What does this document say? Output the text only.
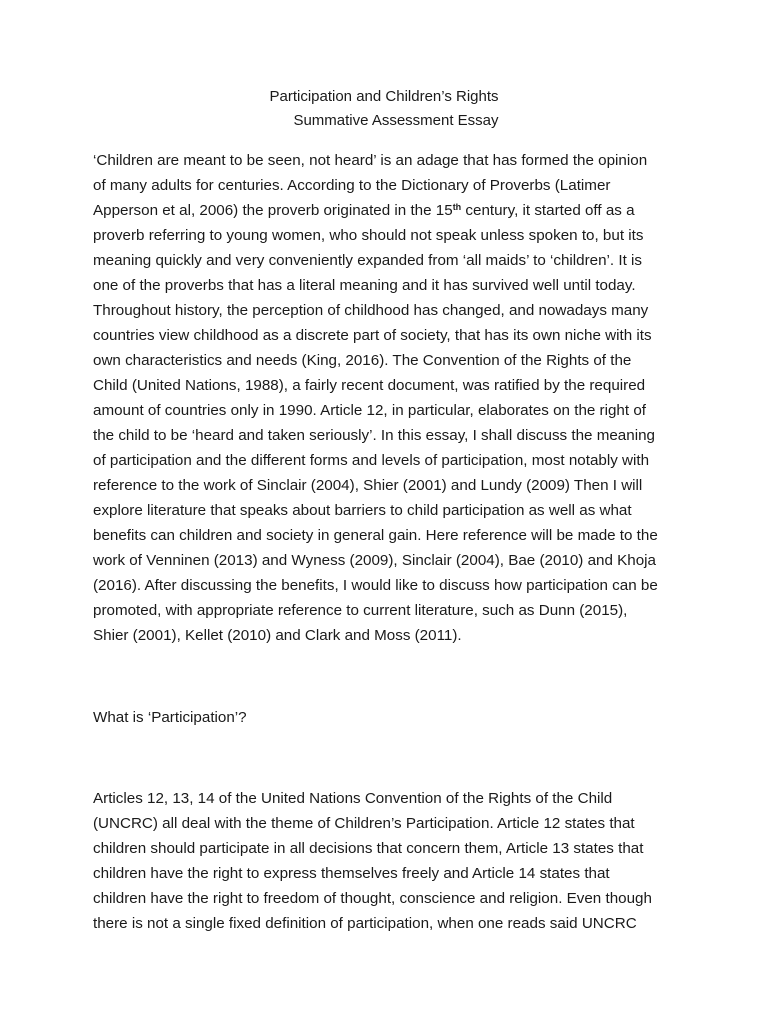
Participation and Children’s Rights
Summative Assessment Essay
‘Children are meant to be seen, not heard’ is an adage that has formed the opinion
of many adults for centuries. According to the Dictionary of Proverbs (Latimer
Apperson et al, 2006) the proverb originated in the 15th century, it started off as a
proverb referring to young women, who should not speak unless spoken to, but its
meaning quickly and very conveniently expanded from ‘all maids’ to ‘children’. It is
one of the proverbs that has a literal meaning and it has survived well until today.
Throughout history, the perception of childhood has changed, and nowadays many
countries view childhood as a discrete part of society, that has its own niche with its
own characteristics and needs (King, 2016). The Convention of the Rights of the
Child (United Nations, 1988), a fairly recent document, was ratified by the required
amount of countries only in 1990. Article 12, in particular, elaborates on the right of
the child to be ‘heard and taken seriously’. In this essay, I shall discuss the meaning
of participation and the different forms and levels of participation, most notably with
reference to the work of Sinclair (2004), Shier (2001) and Lundy (2009) Then I will
explore literature that speaks about barriers to child participation as well as what
benefits can children and society in general gain. Here reference will be made to the
work of Venninen (2013) and Wyness (2009), Sinclair (2004), Bae (2010) and Khoja
(2016). After discussing the benefits, I would like to discuss how participation can be
promoted, with appropriate reference to current literature, such as Dunn (2015),
Shier (2001), Kellet (2010) and Clark and Moss (2011).
What is ‘Participation’?
Articles 12, 13, 14 of the United Nations Convention of the Rights of the Child
(UNCRC) all deal with the theme of Children’s Participation. Article 12 states that
children should participate in all decisions that concern them, Article 13 states that
children have the right to express themselves freely and Article 14 states that
children have the right to freedom of thought, conscience and religion. Even though
there is not a single fixed definition of participation, when one reads said UNCRC
